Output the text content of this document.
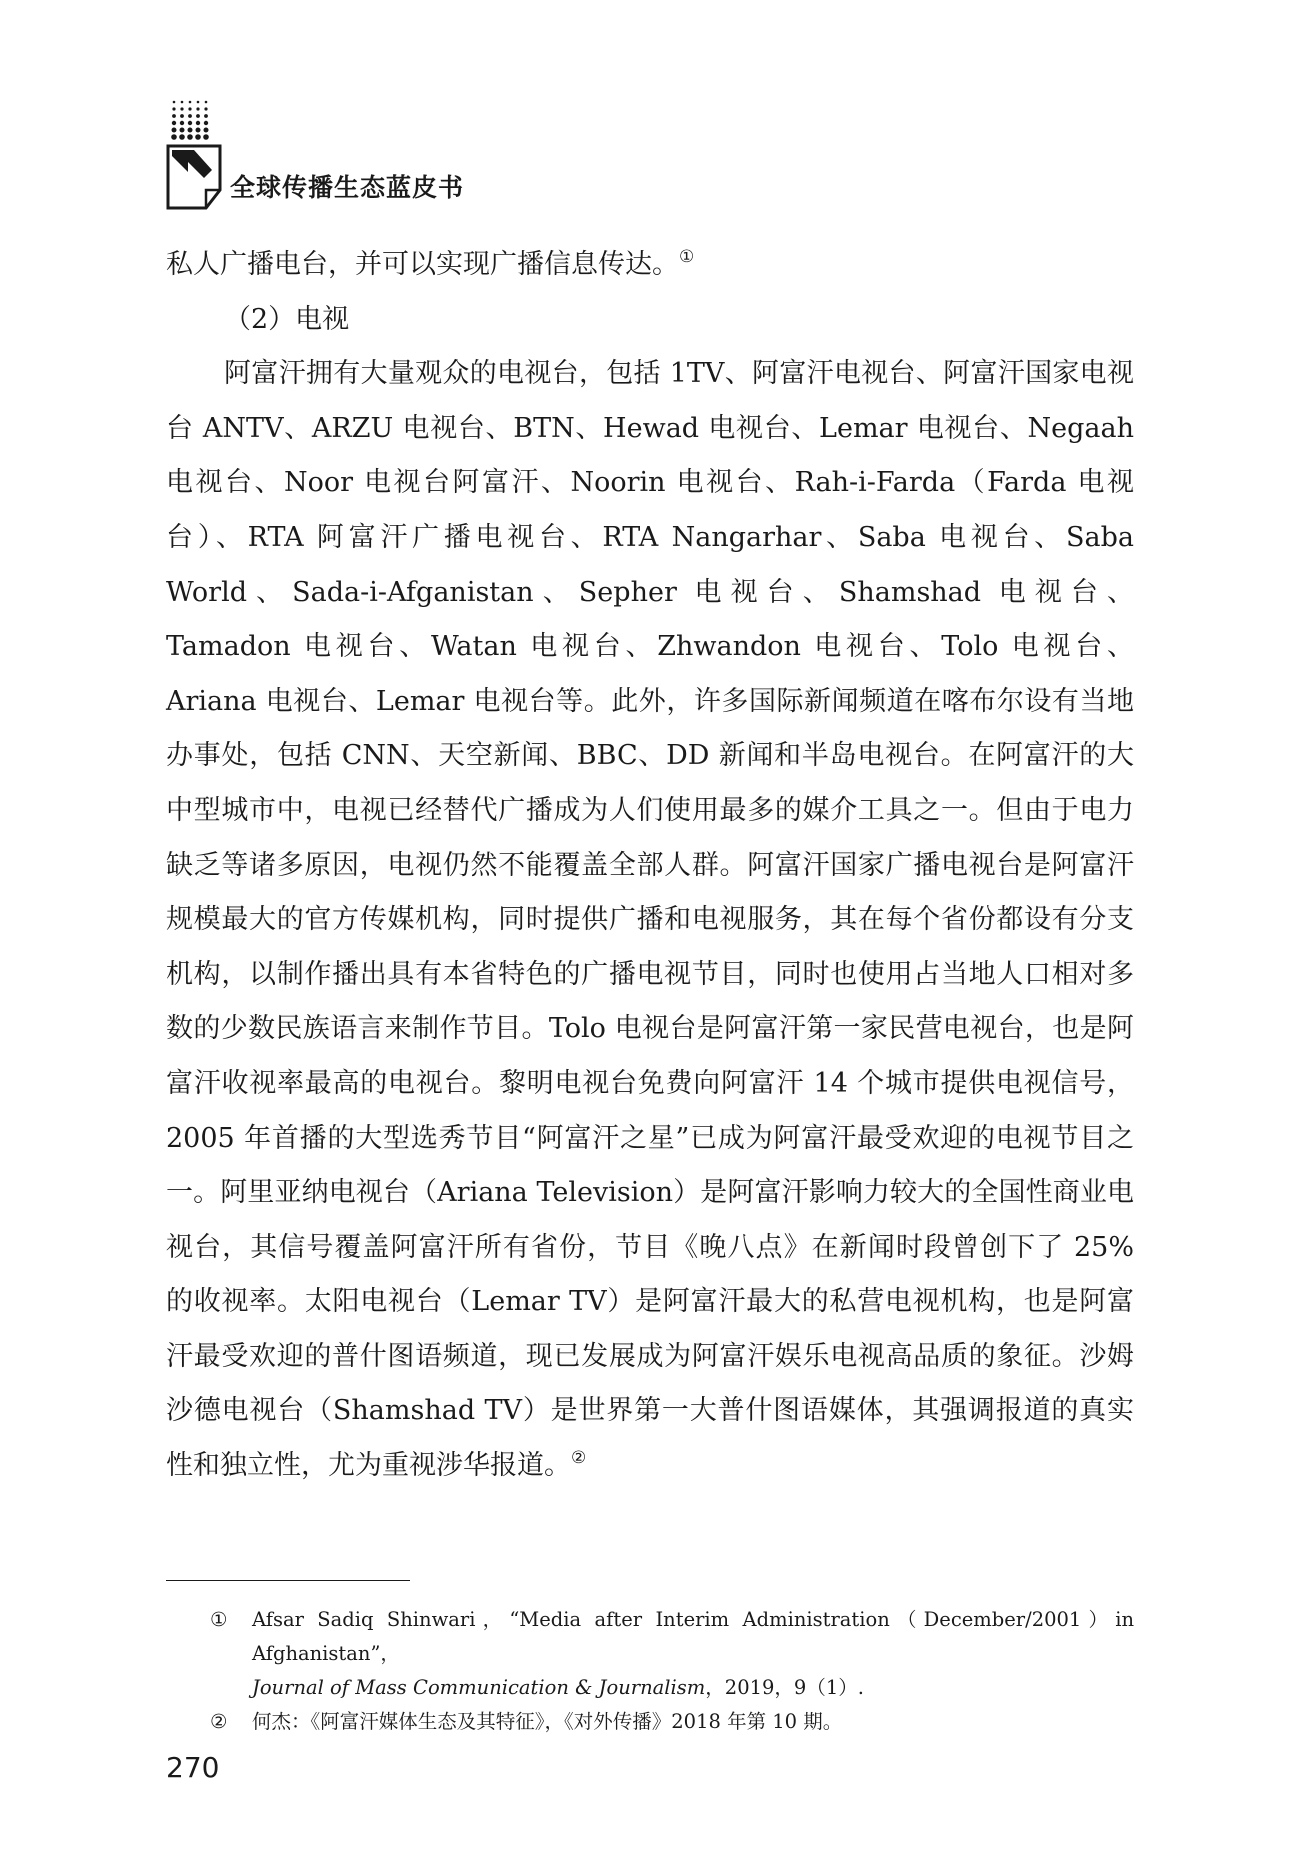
全球传播生态蓝皮书

私人广播电台，并可以实现广播信息传达。①

（2）电视

阿富汗拥有大量观众的电视台，包括 1TV、阿富汗电视台、阿富汗国家电视台 ANTV、ARZU 电视台、BTN、Hewad 电视台、Lemar 电视台、Negaah 电视台、Noor 电视台阿富汗、Noorin 电视台、Rah-i-Farda（Farda 电视台）、RTA 阿富汗广播电视台、RTA Nangarhar、Saba 电视台、Saba World、Sada-i-Afganistan、Sepher 电视台、Shamshad 电视台、Tamadon 电视台、Watan 电视台、Zhwandon 电视台、Tolo 电视台、Ariana 电视台、Lemar 电视台等。此外，许多国际新闻频道在喀布尔设有当地办事处，包括 CNN、天空新闻、BBC、DD 新闻和半岛电视台。在阿富汗的大中型城市中，电视已经替代广播成为人们使用最多的媒介工具之一。但由于电力缺乏等诸多原因，电视仍然不能覆盖全部人群。阿富汗国家广播电视台是阿富汗规模最大的官方传媒机构，同时提供广播和电视服务，其在每个省份都设有分支机构，以制作播出具有本省特色的广播电视节目，同时也使用占当地人口相对多数的少数民族语言来制作节目。Tolo 电视台是阿富汗第一家民营电视台，也是阿富汗收视率最高的电视台。黎明电视台免费向阿富汗 14 个城市提供电视信号，2005 年首播的大型选秀节目“阿富汗之星”已成为阿富汗最受欢迎的电视节目之一。阿里亚纳电视台（Ariana Television）是阿富汗影响力较大的全国性商业电视台，其信号覆盖阿富汗所有省份，节目《晚八点》在新闻时段曾创下了 25% 的收视率。太阳电视台（Lemar TV）是阿富汗最大的私营电视机构，也是阿富汗最受欢迎的普什图语频道，现已发展成为阿富汗娱乐电视高品质的象征。沙姆沙德电视台（Shamshad TV）是世界第一大普什图语媒体，其强调报道的真实性和独立性，尤为重视涉华报道。②

①	Afsar Sadiq Shinwari，“Media after Interim Administration（December/2001）in Afghanistan”，
Journal of Mass Communication & Journalism，2019，9（1）.
②	何杰：《阿富汗媒体生态及其特征》，《对外传播》2018 年第 10 期。
270
